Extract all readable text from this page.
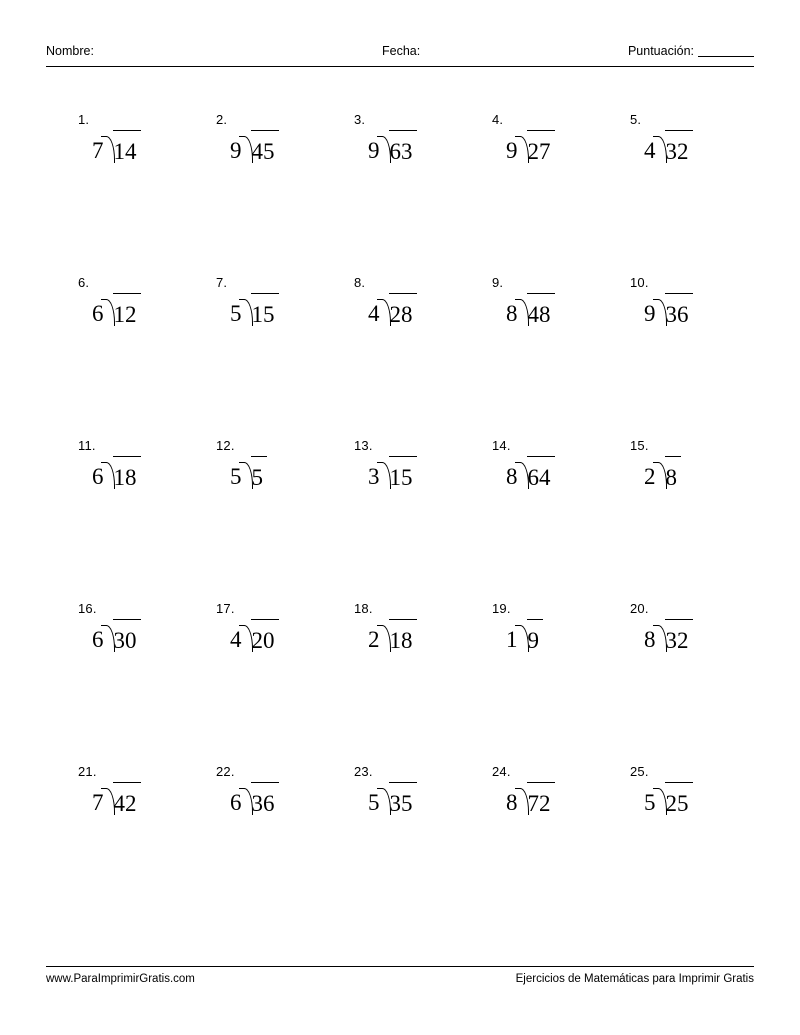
Nombre:	Fecha:	Puntuación:
1.
7 14
2.
9 45
3.
9 63
4.
9 27
5.
4 32
6.
6 12
7.
5 15
8.
4 28
9.
8 48
10.
9 36
11.
6 18
12.
5 5
13.
3 15
14.
8 64
15.
2 8
16.
6 30
17.
4 20
18.
2 18
19.
1 9
20.
8 32
21.
7 42
22.
6 36
23.
5 35
24.
8 72
25.
5 25
www.ParaImprimirGratis.com	Ejercicios de Matemáticas para Imprimir Gratis
